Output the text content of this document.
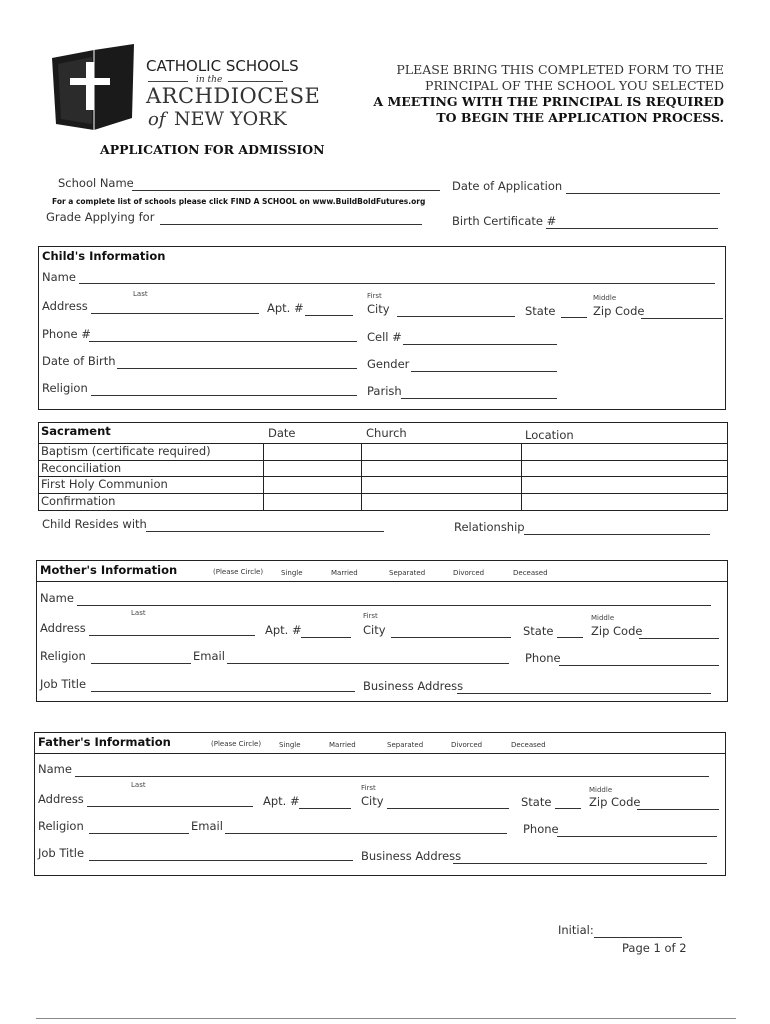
CATHOLIC SCHOOLS
in the
ARCHDIOCESE
of NEW YORK
PLEASE BRING THIS COMPLETED FORM TO THE
PRINCIPAL OF THE SCHOOL YOU SELECTED
A MEETING WITH THE PRINCIPAL IS REQUIRED
TO BEGIN THE APPLICATION PROCESS.
APPLICATION FOR ADMISSION
School Name	Date of Application
For a complete list of schools please click FIND A SCHOOL on www.BuildBoldFutures.org
Grade Applying for	Birth Certificate #
Child's Information
Name
Last	First	Middle
Address	Apt. #	City	State	Zip Code
Phone #	Cell #
Date of Birth	Gender
Religion	Parish
Sacrament	Date	Church	Location
Baptism (certificate required)
Reconciliation
First Holy Communion
Confirmation
Child Resides with	Relationship
Mother's Information	(Please Circle)	Single	Married	Separated	Divorced	Deceased
Name
Last	First	Middle
Address	Apt. #	City	State	Zip Code
Religion	Email	Phone
Job Title	Business Address
Father's Information	(Please Circle)	Single	Married	Separated	Divorced	Deceased
Name
Last	First	Middle
Address	Apt. #	City	State	Zip Code
Religion	Email	Phone
Job Title	Business Address
Initial:
Page 1 of 2
